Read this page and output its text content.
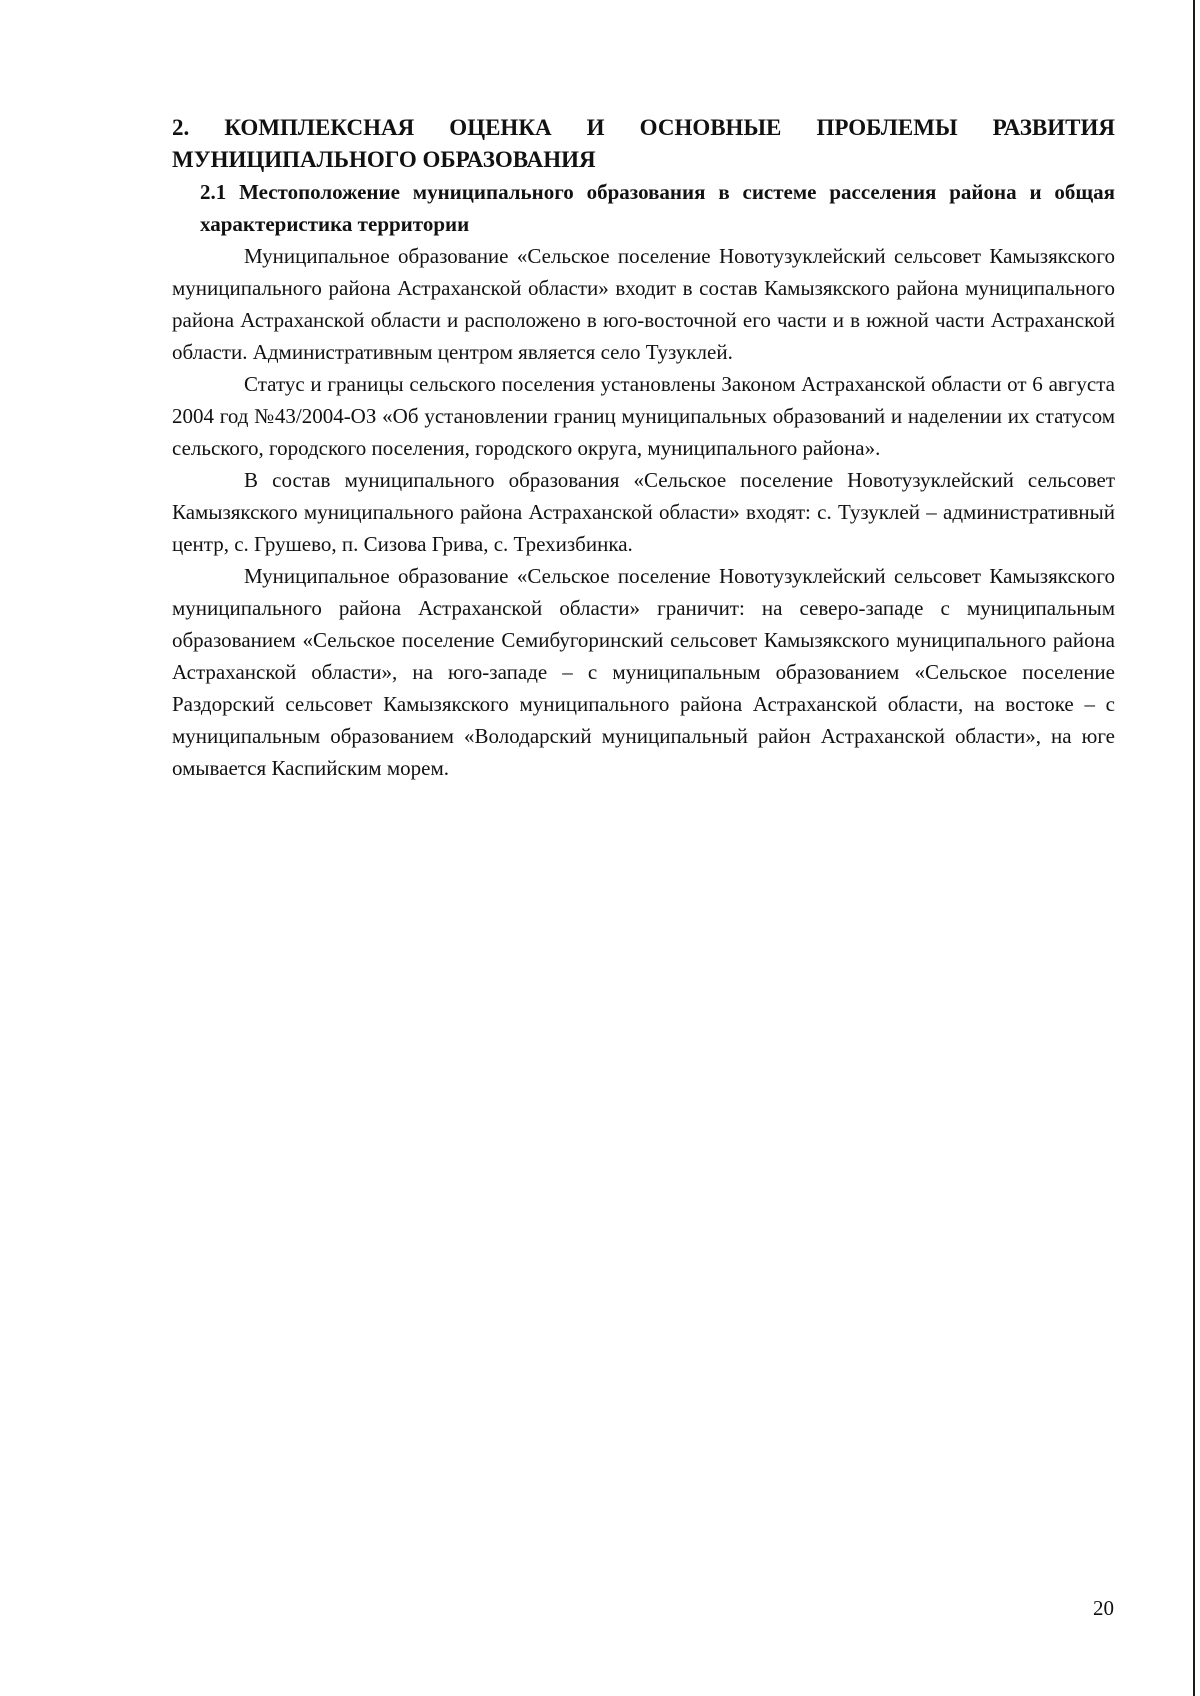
2. КОМПЛЕКСНАЯ ОЦЕНКА И ОСНОВНЫЕ ПРОБЛЕМЫ РАЗВИТИЯ МУНИЦИПАЛЬНОГО ОБРАЗОВАНИЯ

2.1 Местоположение муниципального образования в системе расселения района и общая характеристика территории

Муниципальное образование «Сельское поселение Новотузуклейский сельсовет Камызякского муниципального района Астраханской области» входит в состав Камызякского района муниципального района Астраханской области и расположено в юго-восточной его части и в южной части Астраханской области. Административным центром является село Тузуклей.

Статус и границы сельского поселения установлены Законом Астраханской области от 6 августа 2004 год №43/2004-ОЗ «Об установлении границ муниципальных образований и наделении их статусом сельского, городского поселения, городского округа, муниципального района».

В состав муниципального образования «Сельское поселение Новотузуклейский сельсовет Камызякского муниципального района Астраханской области» входят: с. Тузуклей – административный центр, с. Грушево, п. Сизова Грива, с. Трехизбинка.

Муниципальное образование «Сельское поселение Новотузуклейский сельсовет Камызякского муниципального района Астраханской области» граничит: на северо-западе с муниципальным образованием «Сельское поселение Семибугоринский сельсовет Камызякского муниципального района Астраханской области», на юго-западе – с муниципальным образованием «Сельское поселение Раздорский сельсовет Камызякского муниципального района Астраханской области, на востоке – с муниципальным образованием «Володарский муниципальный район Астраханской области», на юге омывается Каспийским морем.

20
